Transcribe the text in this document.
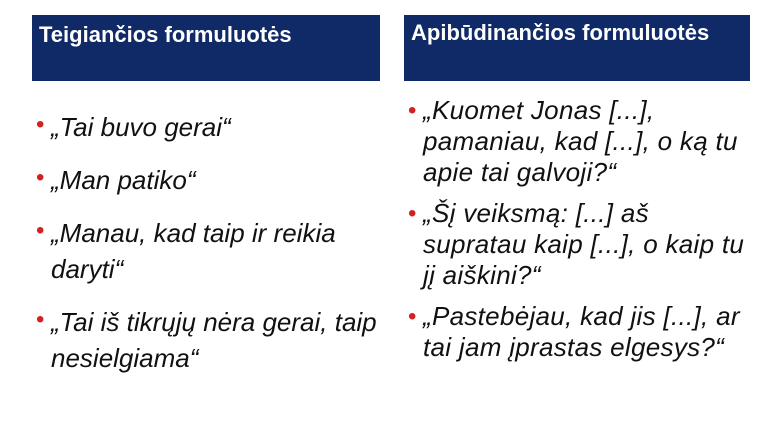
Teigiančios formuluotės
• „Tai buvo gerai“
• „Man patiko“
• „Manau, kad taip ir reikia daryti“
• „Tai iš tikrųjų nėra gerai, taip nesielgiama“
Apibūdinančios formuluotės
• „Kuomet Jonas [...], pamaniau, kad [...], o ką tu apie tai galvoji?“
• „Šį veiksmą: [...] aš supratau kaip [...], o kaip tu jį aiškini?“
• „Pastebėjau, kad jis [...], ar tai jam įprastas elgesys?“
